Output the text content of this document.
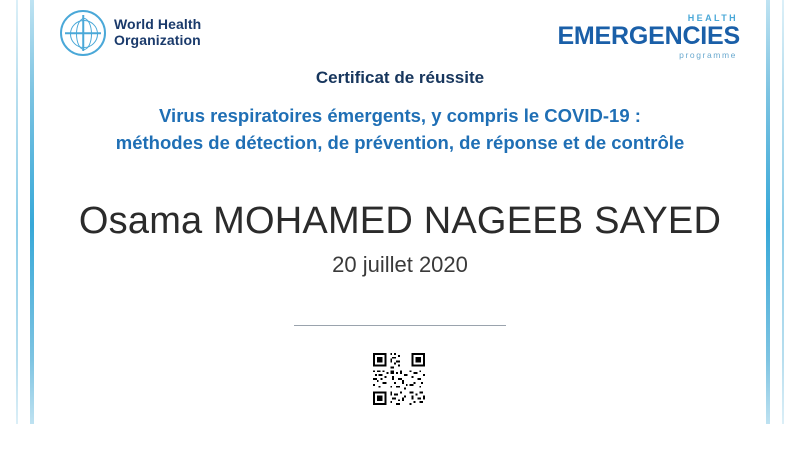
World Health
Organization
HEALTH
EMERGENCIES
programme
Certificat de réussite
Virus respiratoires émergents, y compris le COVID-19 :
méthodes de détection, de prévention, de réponse et de contrôle
Osama MOHAMED NAGEEB SAYED
20 juillet 2020
